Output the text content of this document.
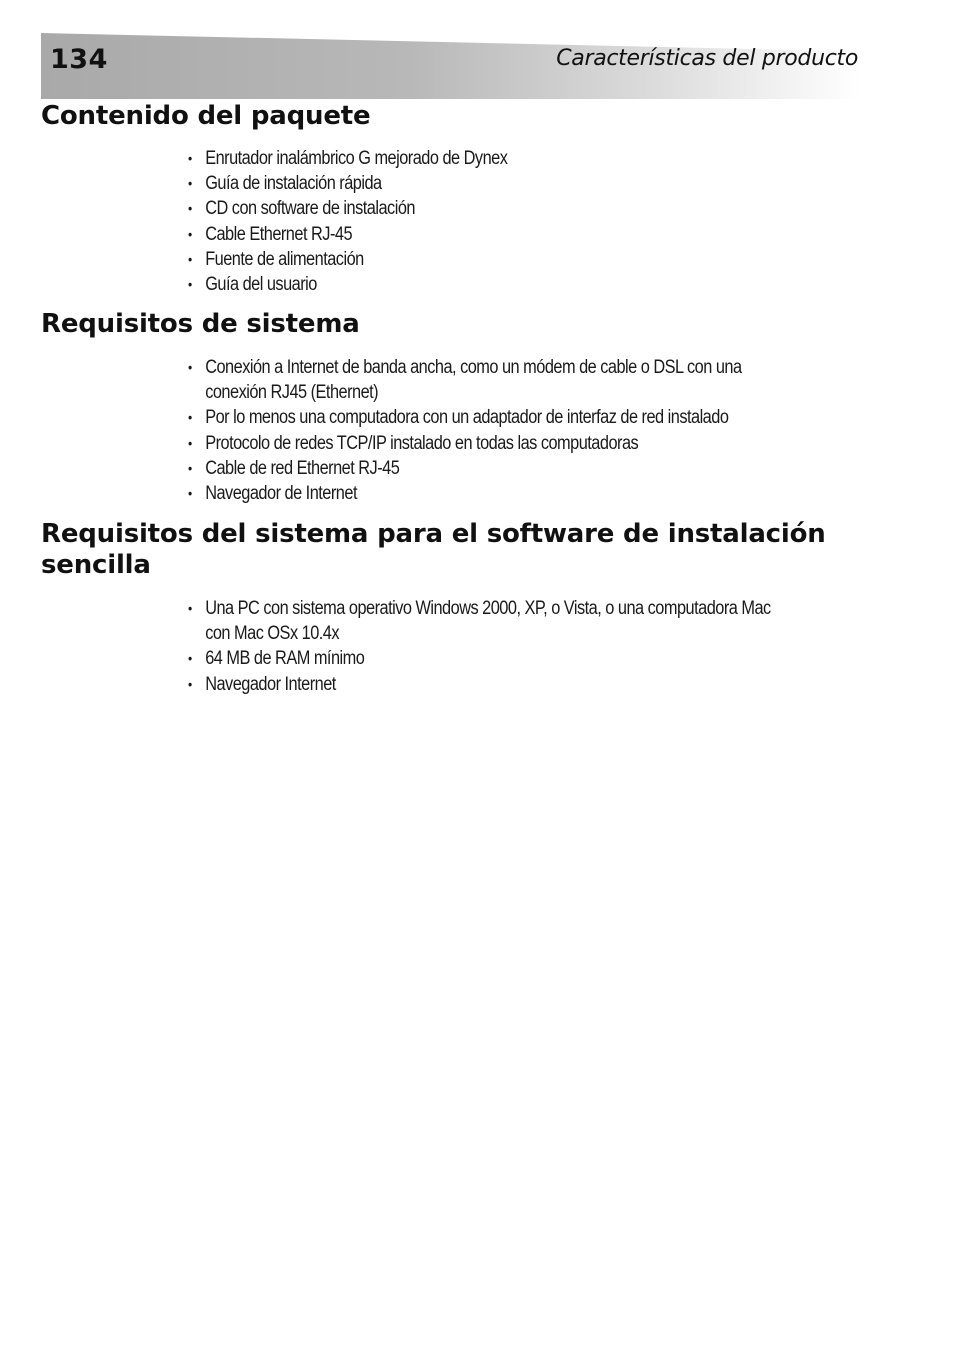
134	Características del producto
Contenido del paquete
• Enrutador inalámbrico G mejorado de Dynex
• Guía de instalación rápida
• CD con software de instalación
• Cable Ethernet RJ-45
• Fuente de alimentación
• Guía del usuario
Requisitos de sistema
• Conexión a Internet de banda ancha, como un módem de cable o DSL con una conexión RJ45 (Ethernet)
• Por lo menos una computadora con un adaptador de interfaz de red instalado
• Protocolo de redes TCP/IP instalado en todas las computadoras
• Cable de red Ethernet RJ-45
• Navegador de Internet
Requisitos del sistema para el software de instalación sencilla
• Una PC con sistema operativo Windows 2000, XP, o Vista, o una computadora Mac con Mac OSx 10.4x
• 64 MB de RAM mínimo
• Navegador Internet
